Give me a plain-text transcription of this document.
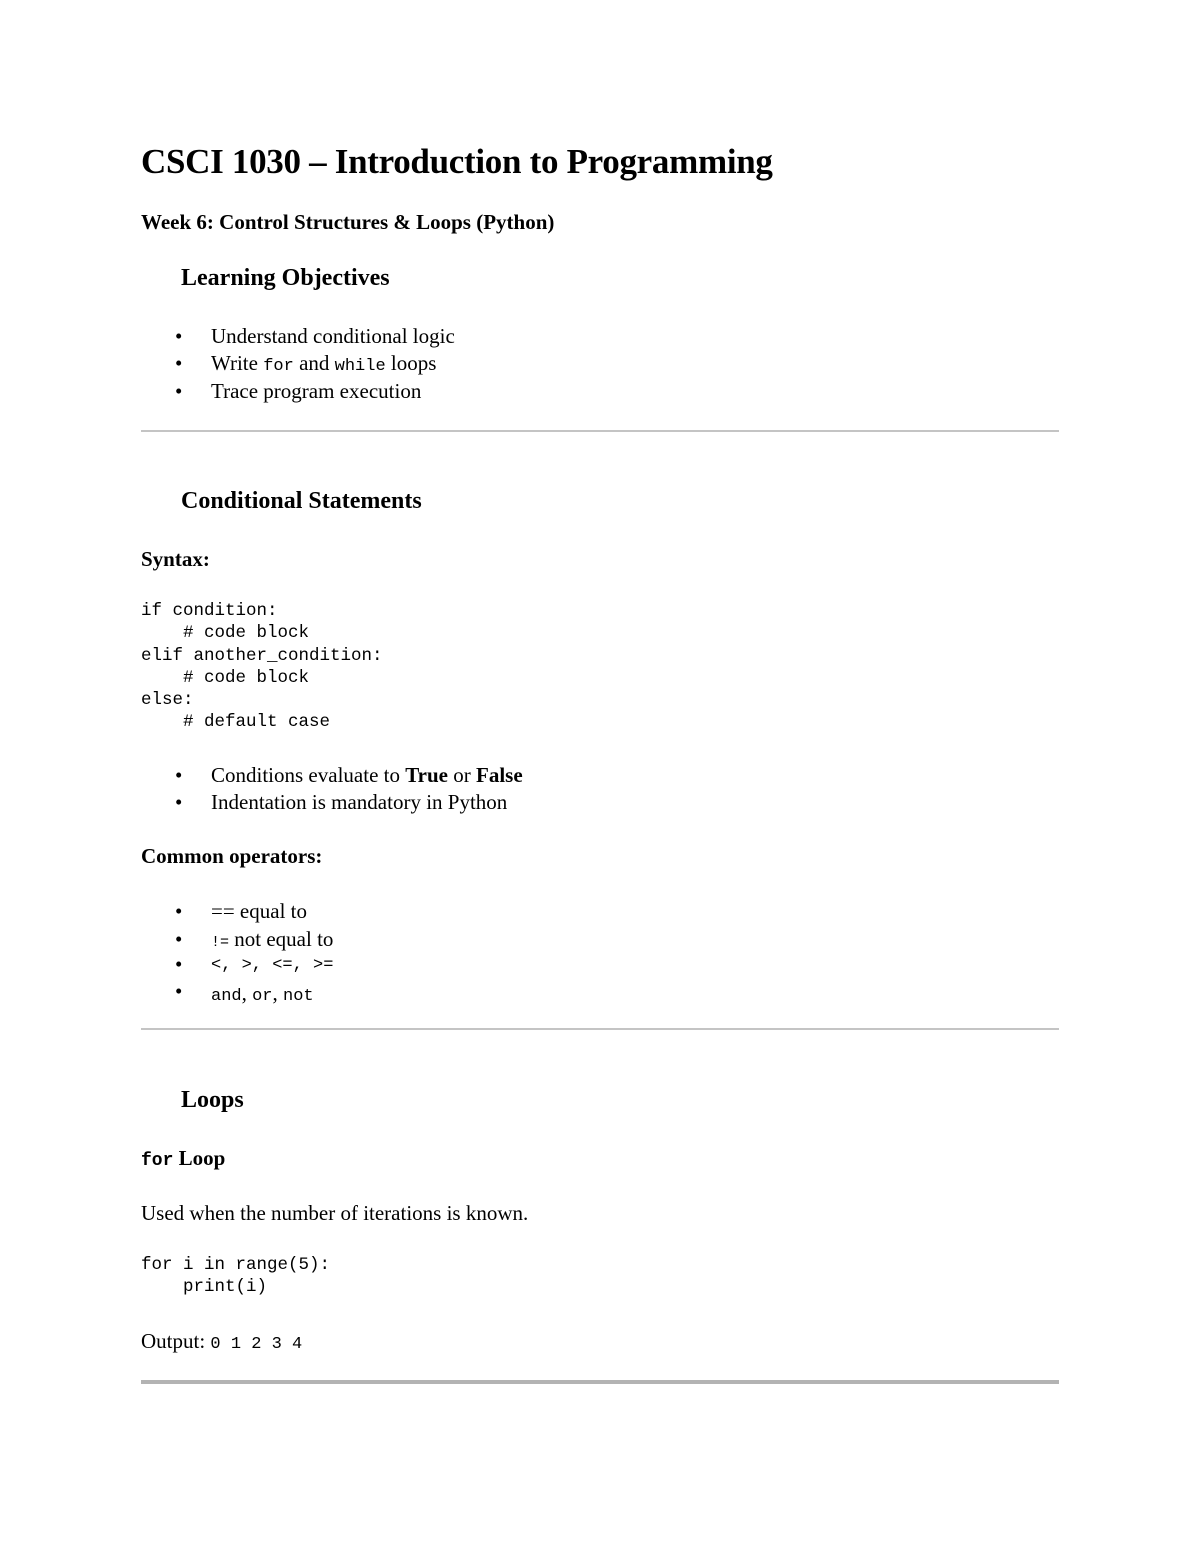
CSCI 1030 – Introduction to Programming
Week 6: Control Structures & Loops (Python)
Learning Objectives
• Understand conditional logic
• Write for and while loops
• Trace program execution
Conditional Statements
Syntax:
if condition:
# code block
elif another_condition:
# code block
else:
# default case
• Conditions evaluate to True or False
• Indentation is mandatory in Python
Common operators:
• == equal to
• != not equal to
• <, >, <=, >=
• and, or, not
Loops
for Loop
Used when the number of iterations is known.
for i in range(5):
print(i)
Output: 0 1 2 3 4
